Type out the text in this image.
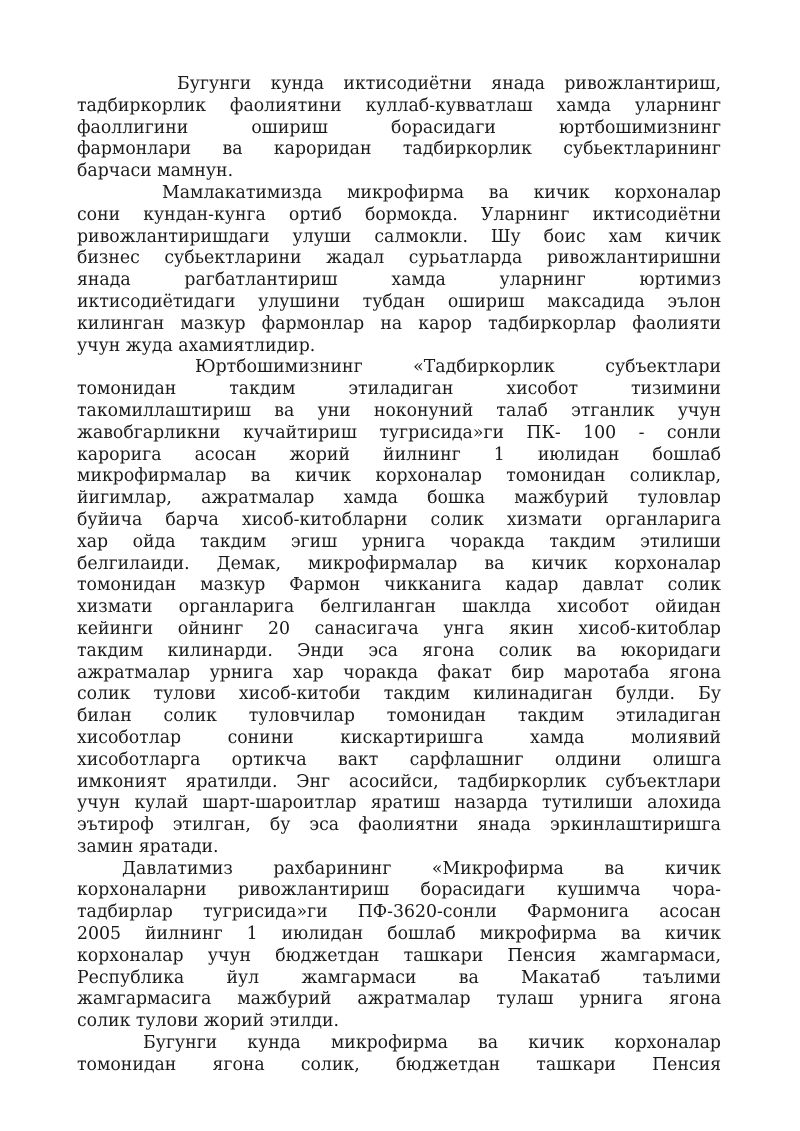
Бугунги кунда иктисодиётни янада ривожлантириш,
тадбиркорлик фаолиятини куллаб-кувватлаш хамда уларнинг
фаоллигини ошириш борасидаги юртбошимизнинг
фармонлари ва кароридан тадбиркорлик субьектларининг
барчаси мамнун.
Мамлакатимизда микрофирма ва кичик корхоналар
сони кундан-кунга ортиб бормокда. Уларнинг иктисодиётни
ривожлантиришдаги улуши салмокли. Шу боис хам кичик
бизнес субьектларини жадал сурьатларда ривожлантиришни
янада рагбатлантириш хамда уларнинг юртимиз
иктисодиётидаги улушини тубдан ошириш максадида эълон
килинган мазкур фармонлар на карор тадбиркорлар фаолияти
учун жуда ахамиятлидир.
Юртбошимизнинг «Тадбиркорлик субъектлари
томонидан такдим этиладиган хисобот тизимини
такомиллаштириш ва уни ноконуний талаб этганлик учун
жавобгарликни кучайтириш тугрисида»ги ПК- 100 - сонли
карорига асосан жорий йилнинг 1 июлидан бошлаб
микрофирмалар ва кичик корхоналар томонидан соликлар,
йигимлар, ажратмалар хамда бошка мажбурий туловлар
буйича барча хисоб-китобларни солик хизмати органларига
хар ойда такдим эгиш урнига чоракда такдим этилиши
белгилаиди. Демак, микрофирмалар ва кичик корхоналар
томонидан мазкур Фармон чикканига кадар давлат солик
хизмати органларига белгиланган шаклда хисобот ойидан
кейинги ойнинг 20 санасигача унга якин хисоб-китоблар
такдим килинарди. Энди эса ягона солик ва юкоридаги
ажратмалар урнига хар чоракда факат бир маротаба ягона
солик тулови хисоб-китоби такдим килинадиган булди. Бу
билан солик туловчилар томонидан такдим этиладиган
хисоботлар сонини кискартиришга хамда молиявий
хисоботларга ортикча вакт сарфлашниг олдини олишга
имконият яратилди. Энг асосийси, тадбиркорлик субъектлари
учун кулай шарт-шароитлар яратиш назарда тутилиши алохида
эътироф этилган, бу эса фаолиятни янада эркинлаштиришга
замин яратади.
Давлатимиз рахбарининг «Микрофирма ва кичик
корхоналарни ривожлантириш борасидаги кушимча чора-
тадбирлар тугрисида»ги ПФ-3620-сонли Фармонига асосан
2005 йилнинг 1 июлидан бошлаб микрофирма ва кичик
корхоналар учун бюджетдан ташкари Пенсия жамгармаси,
Республика йул жамгармаси ва Макатаб таълими
жамгармасига мажбурий ажратмалар тулаш урнига ягона
солик тулови жорий этилди.
Бугунги кунда микрофирма ва кичик корхоналар
томонидан ягона солик, бюджетдан ташкари Пенсия
